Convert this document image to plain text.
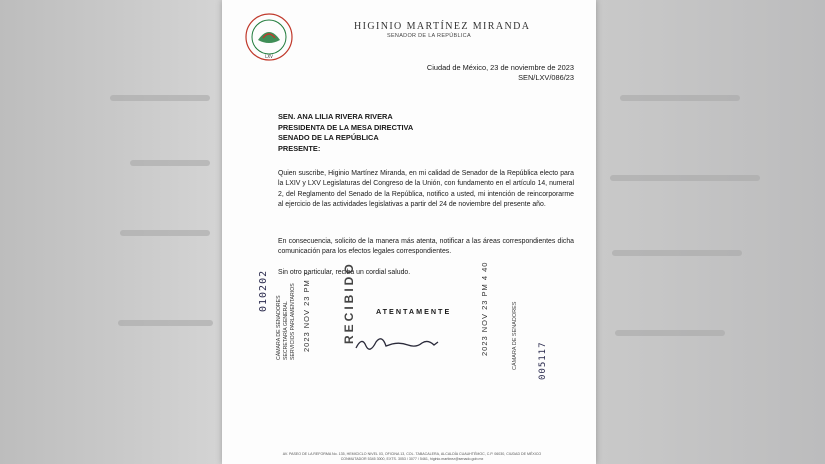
LXV
HIGINIO MARTÍNEZ MIRANDA
SENADOR DE LA REPÚBLICA
Ciudad de México, 23 de noviembre de 2023
SEN/LXV/086/23
SEN. ANA LILIA RIVERA RIVERA
PRESIDENTA DE LA MESA DIRECTIVA
SENADO DE LA REPÚBLICA
PRESENTE:
Quien suscribe, Higinio Martínez Miranda, en mi calidad de Senador de la República electo para la LXIV y LXV Legislaturas del Congreso de la Unión, con fundamento en el artículo 14, numeral 2, del Reglamento del Senado de la República, notifico a usted, mi intención de reincorporarme al ejercicio de las actividades legislativas a partir del 24 de noviembre del presente año.
En consecuencia, solicito de la manera más atenta, notificar a las áreas correspondientes dicha comunicación para los efectos legales correspondientes.
Sin otro particular, reciba un cordial saludo.
ATENTAMENTE
010202
CÁMARA DE SENADORES SECRETARÍA GENERAL SERVICIOS PARLAMENTARIOS 2023 NOV 23 PM 7	RECIBIDO	2023 NOV 23 PM 4 40	CÁMARA DE SENADORES 005117
AV. PASEO DE LA REFORMA No. 135, HEMICICLO NIVEL 03, OFICINA 13, COL. TABACALERA, ALCALDÍA CUAUHTÉMOC, C.P. 06030, CIUDAD DE MÉXICO
CONMUTADOR 5345 3000, EXTS. 3053 / 3077 / 5461, higinio.martinez@senado.gob.mx
